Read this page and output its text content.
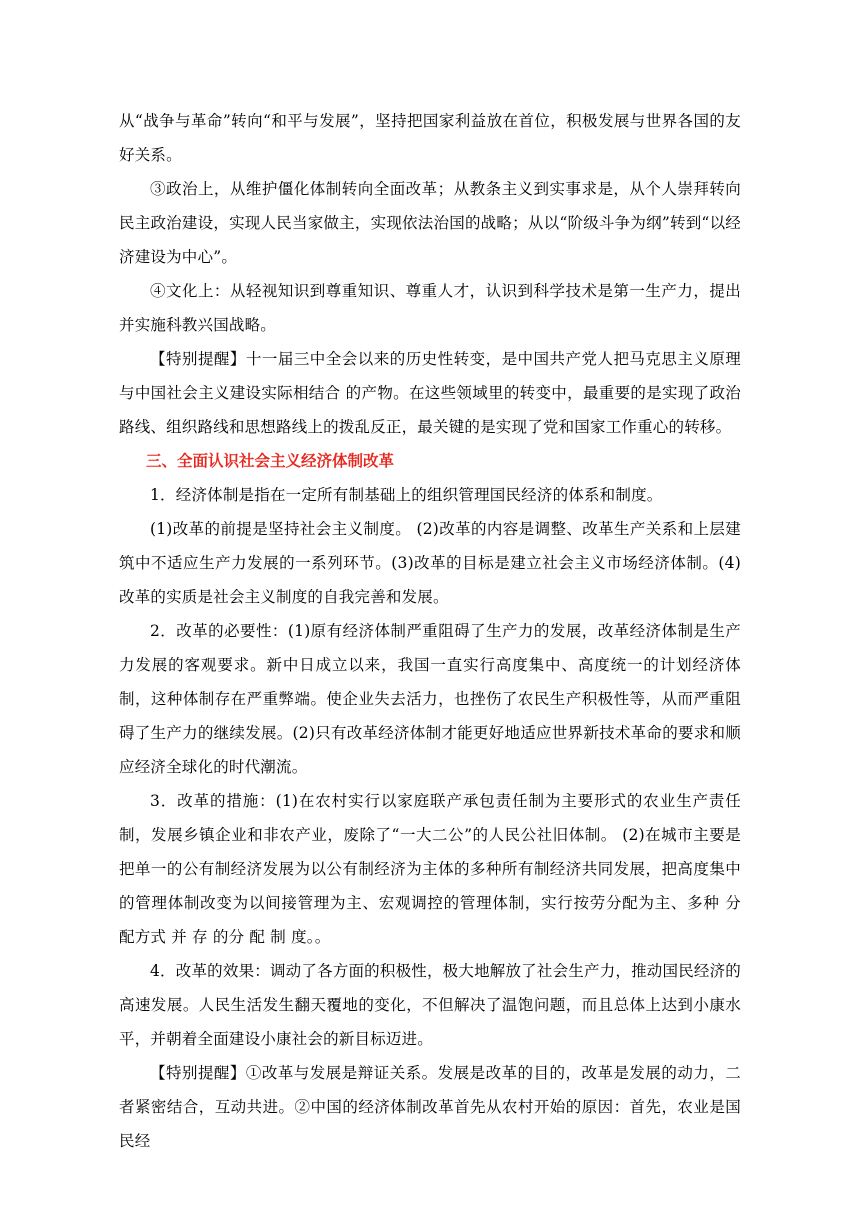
从“战争与革命”转向“和平与发展”，坚持把国家利益放在首位，积极发展与世界各国的友好关系。

③政治上，从维护僵化体制转向全面改革；从教条主义到实事求是，从个人崇拜转向民主政治建设，实现人民当家做主，实现依法治国的战略；从以“阶级斗争为纲”转到“以经济建设为中心”。

④文化上：从轻视知识到尊重知识、尊重人才，认识到科学技术是第一生产力，提出并实施科教兴国战略。

【特别提醒】十一届三中全会以来的历史性转变，是中国共产党人把马克思主义原理与中国社会主义建设实际相结合 的产物。在这些领域里的转变中，最重要的是实现了政治路线、组织路线和思想路线上的拨乱反正，最关键的是实现了党和国家工作重心的转移。

三、全面认识社会主义经济体制改革

1．经济体制是指在一定所有制基础上的组织管理国民经济的体系和制度。

(1)改革的前提是坚持社会主义制度。 (2)改革的内容是调整、改革生产关系和上层建筑中不适应生产力发展的一系列环节。(3)改革的目标是建立社会主义市场经济体制。(4)改革的实质是社会主义制度的自我完善和发展。

2．改革的必要性：(1)原有经济体制严重阻碍了生产力的发展，改革经济体制是生产力发展的客观要求。新中日成立以来，我国一直实行高度集中、高度统一的计划经济体制，这种体制存在严重弊端。使企业失去活力，也挫伤了农民生产积极性等，从而严重阻碍了生产力的继续发展。(2)只有改革经济体制才能更好地适应世界新技术革命的要求和顺应经济全球化的时代潮流。

3．改革的措施：(1)在农村实行以家庭联产承包责任制为主要形式的农业生产责任制，发展乡镇企业和非农产业，废除了“一大二公”的人民公社旧体制。 (2)在城市主要是把单一的公有制经济发展为以公有制经济为主体的多种所有制经济共同发展，把高度集中的管理体制改变为以间接管理为主、宏观调控的管理体制，实行按劳分配为主、多种 分 配方式 并 存 的分 配 制 度。。

4．改革的效果：调动了各方面的积极性，极大地解放了社会生产力，推动国民经济的高速发展。人民生活发生翻天覆地的变化，不但解决了温饱问题，而且总体上达到小康水平，并朝着全面建设小康社会的新目标迈进。

【特别提醒】①改革与发展是辩证关系。发展是改革的目的，改革是发展的动力，二者紧密结合，互动共进。②中国的经济体制改革首先从农村开始的原因：首先，农业是国民经
